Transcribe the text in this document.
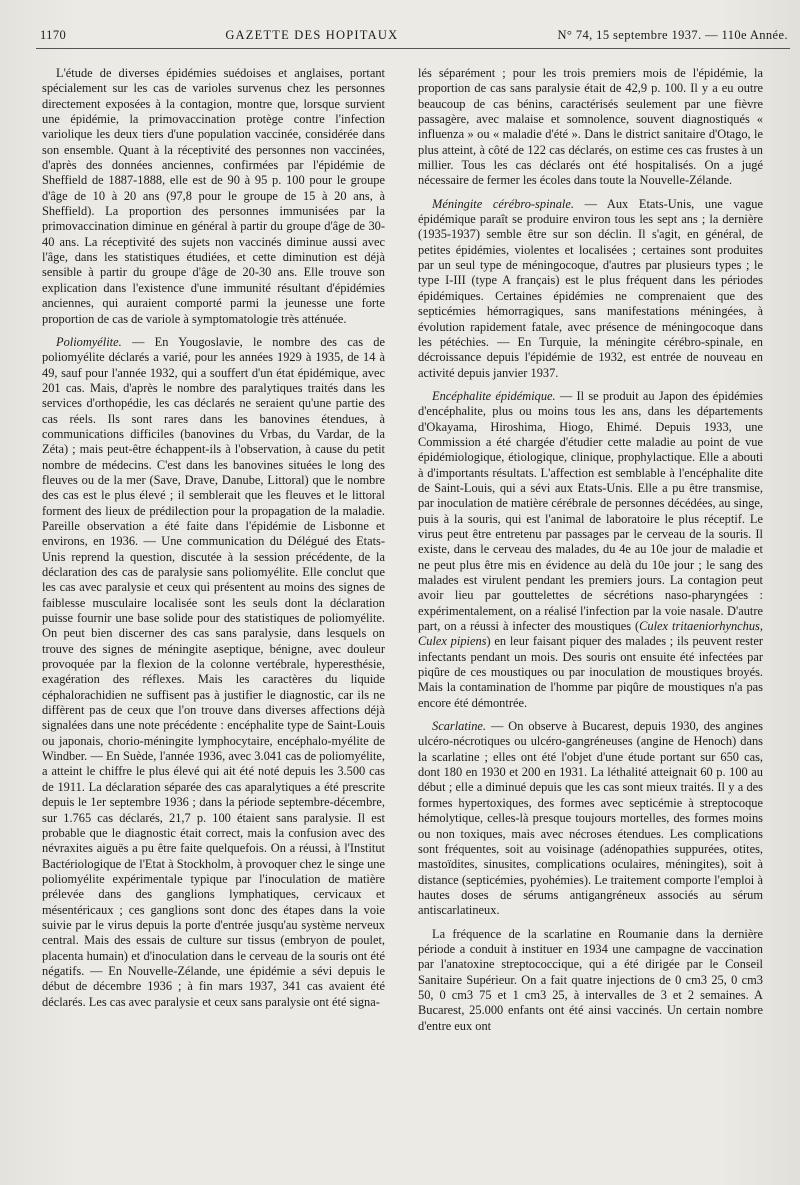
1170	GAZETTE DES HOPITAUX	N° 74, 15 septembre 1937. — 110e Année.

L'étude de diverses épidémies suédoises et anglaises, portant spécialement sur les cas de varioles survenus chez les personnes directement exposées à la contagion, montre que, lorsque survient une épidémie, la primovaccination protège contre l'infection variolique les deux tiers d'une population vaccinée, considérée dans son ensemble. Quant à la réceptivité des personnes non vaccinées, d'après des données anciennes, confirmées par l'épidémie de Sheffield de 1887-1888, elle est de 90 à 95 p. 100 pour le groupe d'âge de 10 à 20 ans (97,8 pour le groupe de 15 à 20 ans, à Sheffield). La proportion des personnes immunisées par la primovaccination diminue en général à partir du groupe d'âge de 30-40 ans. La réceptivité des sujets non vaccinés diminue aussi avec l'âge, dans les statistiques étudiées, et cette diminution est déjà sensible à partir du groupe d'âge de 20-30 ans. Elle trouve son explication dans l'existence d'une immunité résultant d'épidémies anciennes, qui auraient comporté parmi la jeunesse une forte proportion de cas de variole à symptomatologie très atténuée.

Poliomyélite. — En Yougoslavie, le nombre des cas de poliomyélite déclarés a varié, pour les années 1929 à 1935, de 14 à 49, sauf pour l'année 1932, qui a souffert d'un état épidémique, avec 201 cas. Mais, d'après le nombre des paralytiques traités dans les services d'orthopédie, les cas déclarés ne seraient qu'une partie des cas réels. Ils sont rares dans les banovines étendues, à communications difficiles (banovines du Vrbas, du Vardar, de la Zéta) ; mais peut-être échappent-ils à l'observation, à cause du petit nombre de médecins. C'est dans les banovines situées le long des fleuves ou de la mer (Save, Drave, Danube, Littoral) que le nombre des cas est le plus élevé ; il semblerait que les fleuves et le littoral forment des lieux de prédilection pour la propagation de la maladie. Pareille observation a été faite dans l'épidémie de Lisbonne et environs, en 1936. — Une communication du Délégué des Etats-Unis reprend la question, discutée à la session précédente, de la déclaration des cas de paralysie sans poliomyélite. Elle conclut que les cas avec paralysie et ceux qui présentent au moins des signes de faiblesse musculaire localisée sont les seuls dont la déclaration puisse fournir une base solide pour des statistiques de poliomyélite. On peut bien discerner des cas sans paralysie, dans lesquels on trouve des signes de méningite aseptique, bénigne, avec douleur provoquée par la flexion de la colonne vertébrale, hyperesthésie, exagération des réflexes. Mais les caractères du liquide céphalorachidien ne suffisent pas à justifier le diagnostic, car ils ne diffèrent pas de ceux que l'on trouve dans diverses affections déjà signalées dans une note précédente : encéphalite type de Saint-Louis ou japonais, chorio-méningite lymphocytaire, encéphalo-myélite de Windber. — En Suède, l'année 1936, avec 3.041 cas de poliomyélite, a atteint le chiffre le plus élevé qui ait été noté depuis les 3.500 cas de 1911. La déclaration séparée des cas aparalytiques a été prescrite depuis le 1er septembre 1936 ; dans la période septembre-décembre, sur 1.765 cas déclarés, 21,7 p. 100 étaient sans paralysie. Il est probable que le diagnostic était correct, mais la confusion avec des névraxites aiguës a pu être faite quelquefois. On a réussi, à l'Institut Bactériologique de l'Etat à Stockholm, à provoquer chez le singe une poliomyélite expérimentale typique par l'inoculation de matière prélevée dans des ganglions lymphatiques, cervicaux et mésentéricaux ; ces ganglions sont donc des étapes dans la voie suivie par le virus depuis la porte d'entrée jusqu'au système nerveux central. Mais des essais de culture sur tissus (embryon de poulet, placenta humain) et d'inoculation dans le cerveau de la souris ont été négatifs. — En Nouvelle-Zélande, une épidémie a sévi depuis le début de décembre 1936 ; à fin mars 1937, 341 cas avaient été déclarés. Les cas avec paralysie et ceux sans paralysie ont été signa-

lés séparément ; pour les trois premiers mois de l'épidémie, la proportion de cas sans paralysie était de 42,9 p. 100. Il y a eu outre beaucoup de cas bénins, caractérisés seulement par une fièvre passagère, avec malaise et somnolence, souvent diagnostiqués « influenza » ou « maladie d'été ». Dans le district sanitaire d'Otago, le plus atteint, à côté de 122 cas déclarés, on estime ces cas frustes à un millier. Tous les cas déclarés ont été hospitalisés. On a jugé nécessaire de fermer les écoles dans toute la Nouvelle-Zélande.

Méningite cérébro-spinale. — Aux Etats-Unis, une vague épidémique paraît se produire environ tous les sept ans ; la dernière (1935-1937) semble être sur son déclin. Il s'agit, en général, de petites épidémies, violentes et localisées ; certaines sont produites par un seul type de méningocoque, d'autres par plusieurs types ; le type I-III (type A français) est le plus fréquent dans les périodes épidémiques. Certaines épidémies ne comprenaient que des septicémies hémorragiques, sans manifestations méningées, à évolution rapidement fatale, avec présence de méningocoque dans les pétéchies. — En Turquie, la méningite cérébro-spinale, en décroissance depuis l'épidémie de 1932, est entrée de nouveau en activité depuis janvier 1937.

Encéphalite épidémique. — Il se produit au Japon des épidémies d'encéphalite, plus ou moins tous les ans, dans les départements d'Okayama, Hiroshima, Hiogo, Ehimé. Depuis 1933, une Commission a été chargée d'étudier cette maladie au point de vue épidémiologique, étiologique, clinique, prophylactique. Elle a abouti à d'importants résultats. L'affection est semblable à l'encéphalite dite de Saint-Louis, qui a sévi aux Etats-Unis. Elle a pu être transmise, par inoculation de matière cérébrale de personnes décédées, au singe, puis à la souris, qui est l'animal de laboratoire le plus réceptif. Le virus peut être entretenu par passages par le cerveau de la souris. Il existe, dans le cerveau des malades, du 4e au 10e jour de maladie et ne peut plus être mis en évidence au delà du 10e jour ; le sang des malades est virulent pendant les premiers jours. La contagion peut avoir lieu par gouttelettes de sécrétions naso-pharyngées : expérimentalement, on a réalisé l'infection par la voie nasale. D'autre part, on a réussi à infecter des moustiques (Culex tritaeniorhynchus, Culex pipiens) en leur faisant piquer des malades ; ils peuvent rester infectants pendant un mois. Des souris ont ensuite été infectées par piqûre de ces moustiques ou par inoculation de moustiques broyés. Mais la contamination de l'homme par piqûre de moustiques n'a pas encore été démontrée.

Scarlatine. — On observe à Bucarest, depuis 1930, des angines ulcéro-nécrotiques ou ulcéro-gangréneuses (angine de Henoch) dans la scarlatine ; elles ont été l'objet d'une étude portant sur 650 cas, dont 180 en 1930 et 200 en 1931. La léthalité atteignait 60 p. 100 au début ; elle a diminué depuis que les cas sont mieux traités. Il y a des formes hypertoxiques, des formes avec septicémie à streptocoque hémolytique, celles-là presque toujours mortelles, des formes moins ou non toxiques, mais avec nécroses étendues. Les complications sont fréquentes, soit au voisinage (adénopathies suppurées, otites, mastoïdites, sinusites, complications oculaires, méningites), soit à distance (septicémies, pyohémies). Le traitement comporte l'emploi à hautes doses de sérums antigangréneux associés au sérum antiscarlatineux.

La fréquence de la scarlatine en Roumanie dans la dernière période a conduit à instituer en 1934 une campagne de vaccination par l'anatoxine streptococcique, qui a été dirigée par le Conseil Sanitaire Supérieur. On a fait quatre injections de 0 cm3 25, 0 cm3 50, 0 cm3 75 et 1 cm3 25, à intervalles de 3 et 2 semaines. A Bucarest, 25.000 enfants ont été ainsi vaccinés. Un certain nombre d'entre eux ont
